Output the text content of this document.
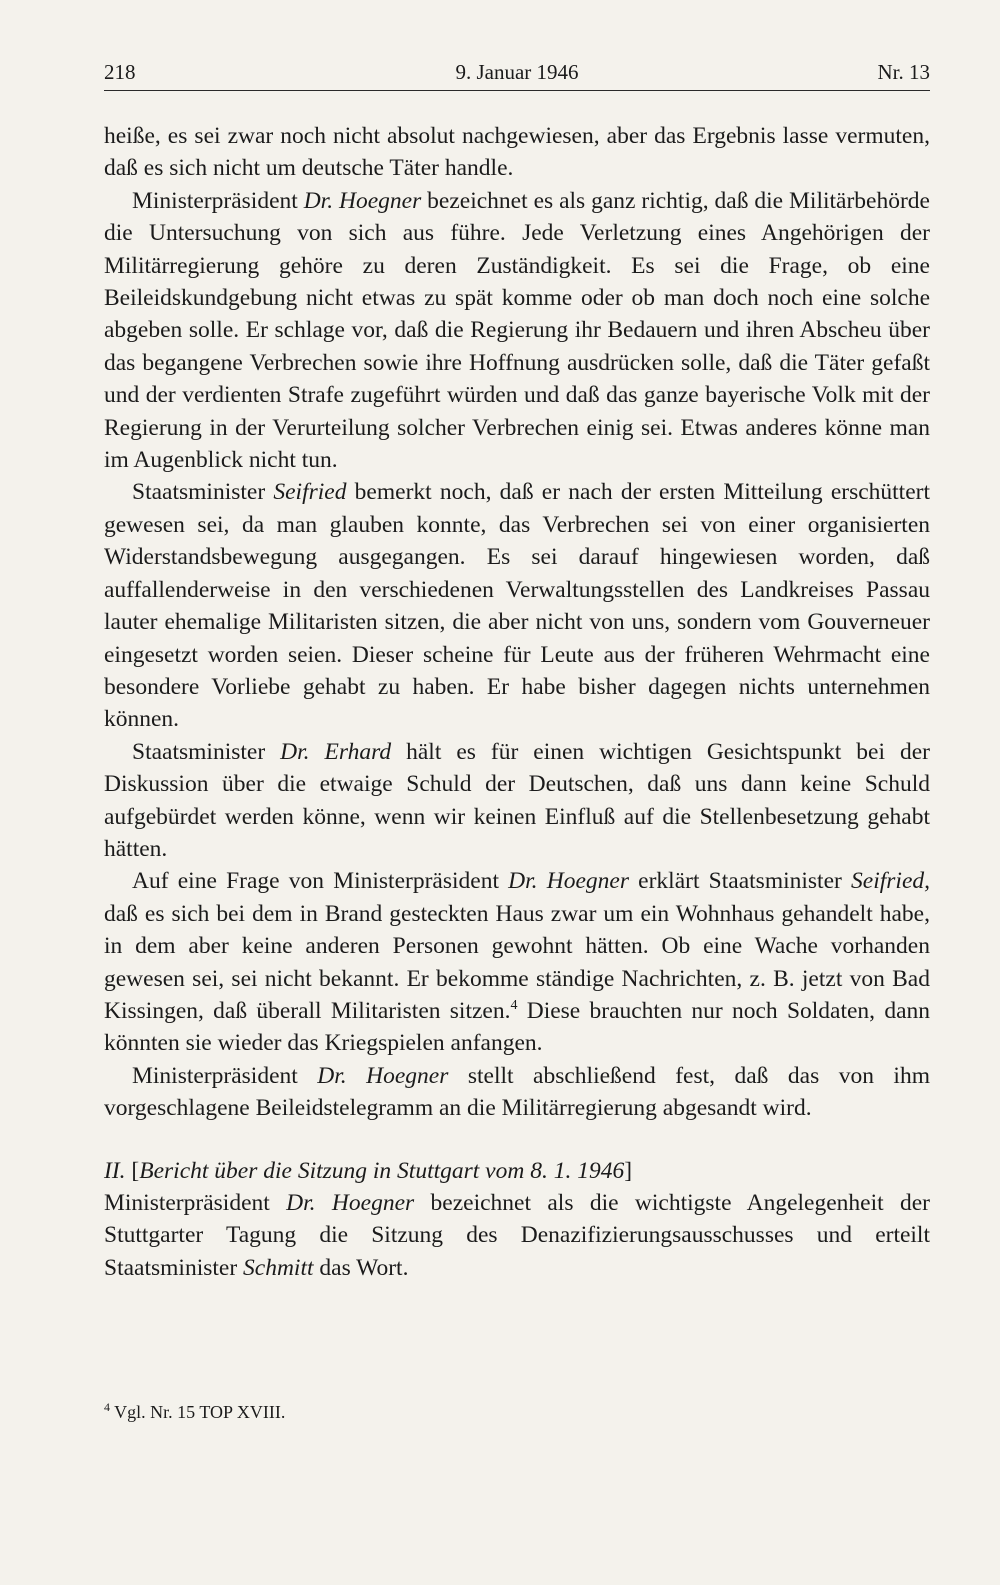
218	9. Januar 1946	Nr. 13

heiße, es sei zwar noch nicht absolut nachgewiesen, aber das Ergebnis lasse vermuten, daß es sich nicht um deutsche Täter handle.

Ministerpräsident Dr. Hoegner bezeichnet es als ganz richtig, daß die Militärbehörde die Untersuchung von sich aus führe. Jede Verletzung eines Angehörigen der Militärregierung gehöre zu deren Zuständigkeit. Es sei die Frage, ob eine Beileidskundgebung nicht etwas zu spät komme oder ob man doch noch eine solche abgeben solle. Er schlage vor, daß die Regierung ihr Bedauern und ihren Abscheu über das begangene Verbrechen sowie ihre Hoffnung ausdrücken solle, daß die Täter gefaßt und der verdienten Strafe zugeführt würden und daß das ganze bayerische Volk mit der Regierung in der Verurteilung solcher Verbrechen einig sei. Etwas anderes könne man im Augenblick nicht tun.

Staatsminister Seifried bemerkt noch, daß er nach der ersten Mitteilung erschüttert gewesen sei, da man glauben konnte, das Verbrechen sei von einer organisierten Widerstandsbewegung ausgegangen. Es sei darauf hingewiesen worden, daß auffallenderweise in den verschiedenen Verwaltungsstellen des Landkreises Passau lauter ehemalige Militaristen sitzen, die aber nicht von uns, sondern vom Gouverneuer eingesetzt worden seien. Dieser scheine für Leute aus der früheren Wehrmacht eine besondere Vorliebe gehabt zu haben. Er habe bisher dagegen nichts unternehmen können.

Staatsminister Dr. Erhard hält es für einen wichtigen Gesichtspunkt bei der Diskussion über die etwaige Schuld der Deutschen, daß uns dann keine Schuld aufgebürdet werden könne, wenn wir keinen Einfluß auf die Stellenbesetzung gehabt hätten.

Auf eine Frage von Ministerpräsident Dr. Hoegner erklärt Staatsminister Seifried, daß es sich bei dem in Brand gesteckten Haus zwar um ein Wohnhaus gehandelt habe, in dem aber keine anderen Personen gewohnt hätten. Ob eine Wache vorhanden gewesen sei, sei nicht bekannt. Er bekomme ständige Nachrichten, z. B. jetzt von Bad Kissingen, daß überall Militaristen sitzen.$^4$ Diese brauchten nur noch Soldaten, dann könnten sie wieder das Kriegspielen anfangen.

Ministerpräsident Dr. Hoegner stellt abschließend fest, daß das von ihm vorgeschlagene Beileidstelegramm an die Militärregierung abgesandt wird.

II. [Bericht über die Sitzung in Stuttgart vom 8. 1. 1946]

Ministerpräsident Dr. Hoegner bezeichnet als die wichtigste Angelegenheit der Stuttgarter Tagung die Sitzung des Denazifizierungsausschusses und erteilt Staatsminister Schmitt das Wort.

$^4$ Vgl. Nr. 15 TOP XVIII.
